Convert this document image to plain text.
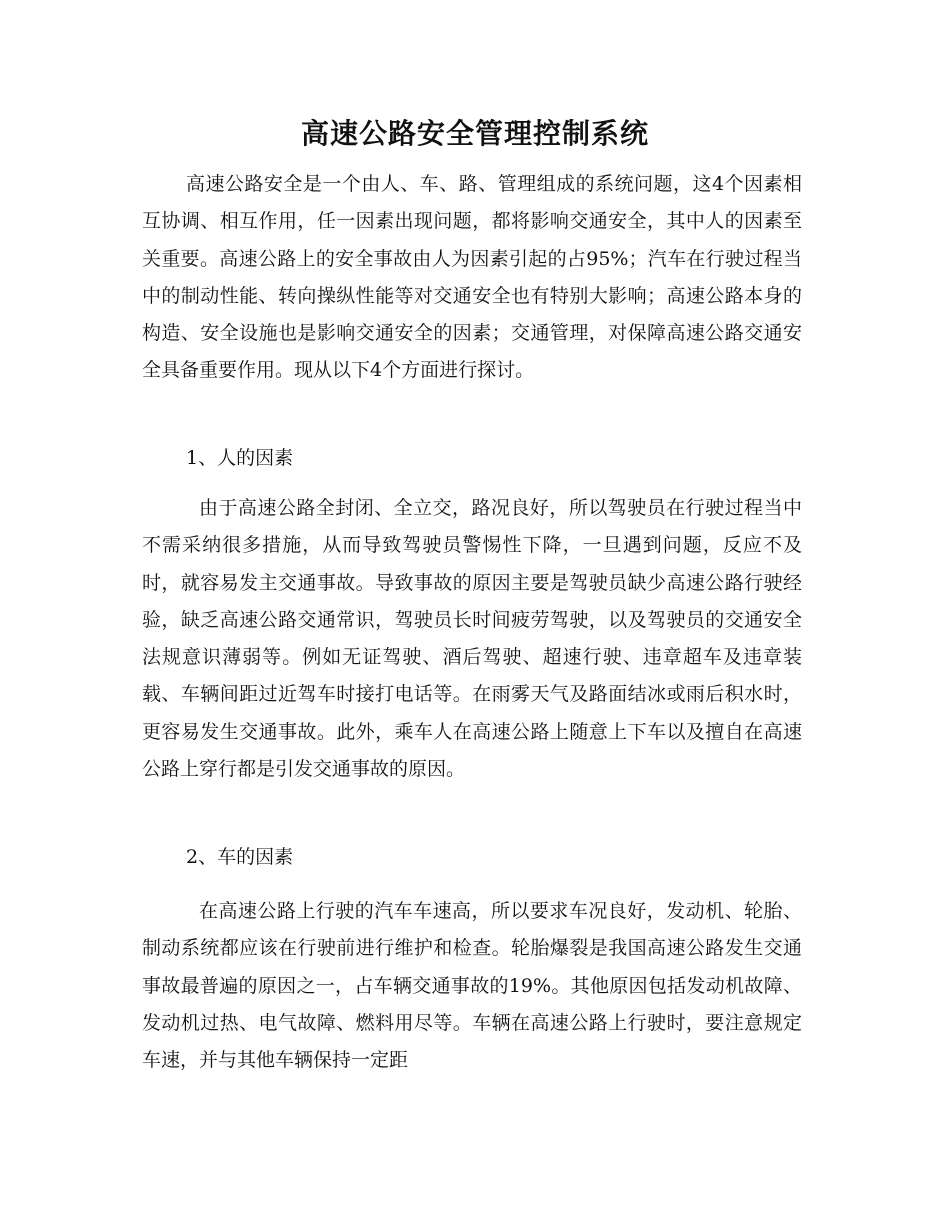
高速公路安全管理控制系统

高速公路安全是一个由人、车、路、管理组成的系统问题，这4个因素相互协调、相互作用，任一因素出现问题，都将影响交通安全，其中人的因素至关重要。高速公路上的安全事故由人为因素引起的占95%；汽车在行驶过程当中的制动性能、转向操纵性能等对交通安全也有特别大影响；高速公路本身的构造、安全设施也是影响交通安全的因素；交通管理，对保障高速公路交通安全具备重要作用。现从以下4个方面进行探讨。

1、人的因素

由于高速公路全封闭、全立交，路况良好，所以驾驶员在行驶过程当中不需采纳很多措施，从而导致驾驶员警惕性下降，一旦遇到问题，反应不及时，就容易发主交通事故。导致事故的原因主要是驾驶员缺少高速公路行驶经验，缺乏高速公路交通常识，驾驶员长时间疲劳驾驶，以及驾驶员的交通安全法规意识薄弱等。例如无证驾驶、酒后驾驶、超速行驶、违章超车及违章装载、车辆间距过近驾车时接打电话等。在雨雾天气及路面结冰或雨后积水时，更容易发生交通事故。此外，乘车人在高速公路上随意上下车以及擅自在高速公路上穿行都是引发交通事故的原因。

2、车的因素

在高速公路上行驶的汽车车速高，所以要求车况良好，发动机、轮胎、制动系统都应该在行驶前进行维护和检查。轮胎爆裂是我国高速公路发生交通事故最普遍的原因之一，占车辆交通事故的19%。其他原因包括发动机故障、发动机过热、电气故障、燃料用尽等。车辆在高速公路上行驶时，要注意规定车速，并与其他车辆保持一定距
